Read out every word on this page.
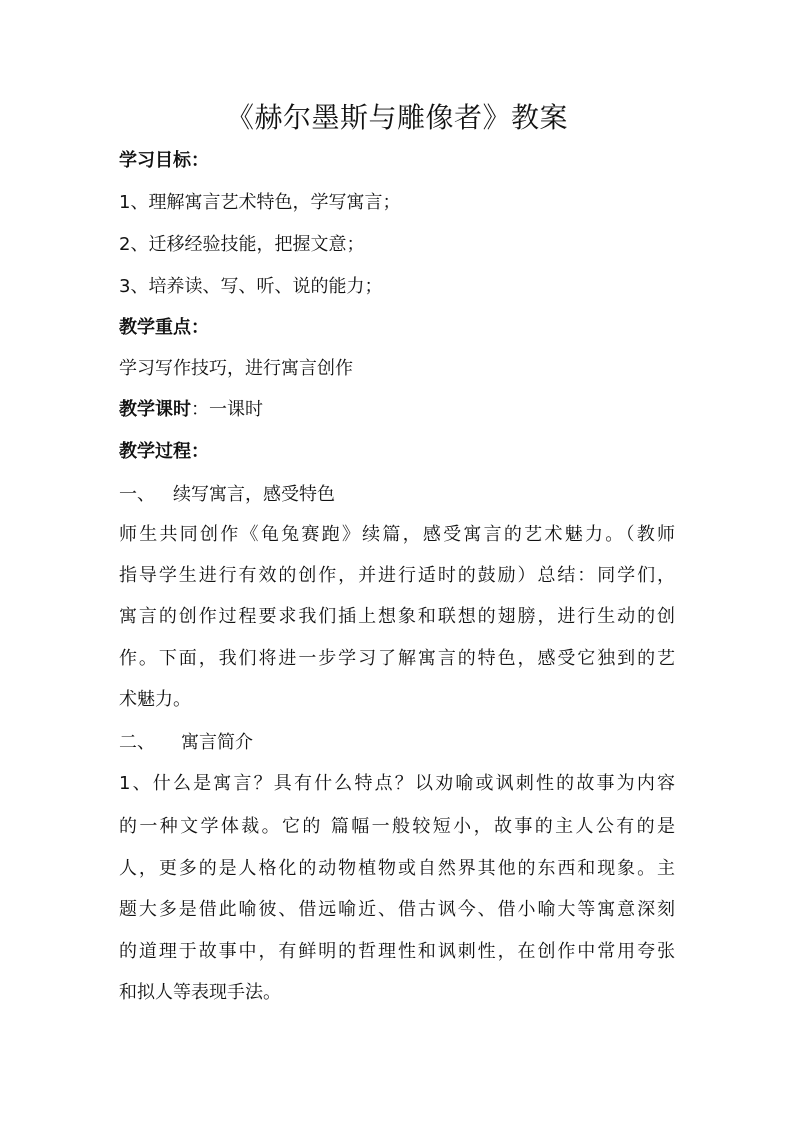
《赫尔墨斯与雕像者》教案

学习目标：

1、理解寓言艺术特色，学写寓言；

2、迁移经验技能，把握文意；

3、培养读、写、听、说的能力；

教学重点：

学习写作技巧，进行寓言创作

教学课时：一课时

教学过程：

一、 续写寓言，感受特色

师生共同创作《龟兔赛跑》续篇，感受寓言的艺术魅力。（教师

指导学生进行有效的创作，并进行适时的鼓励）总结：同学们，

寓言的创作过程要求我们插上想象和联想的翅膀，进行生动的创

作。下面，我们将进一步学习了解寓言的特色，感受它独到的艺

术魅力。

二、 寓言简介

1、什么是寓言？具有什么特点？以劝喻或讽刺性的故事为内容

的一种文学体裁。它的 篇幅一般较短小，故事的主人公有的是

人，更多的是人格化的动物植物或自然界其他的东西和现象。主

题大多是借此喻彼、借远喻近、借古讽今、借小喻大等寓意深刻

的道理于故事中，有鲜明的哲理性和讽刺性，在创作中常用夸张

和拟人等表现手法。
